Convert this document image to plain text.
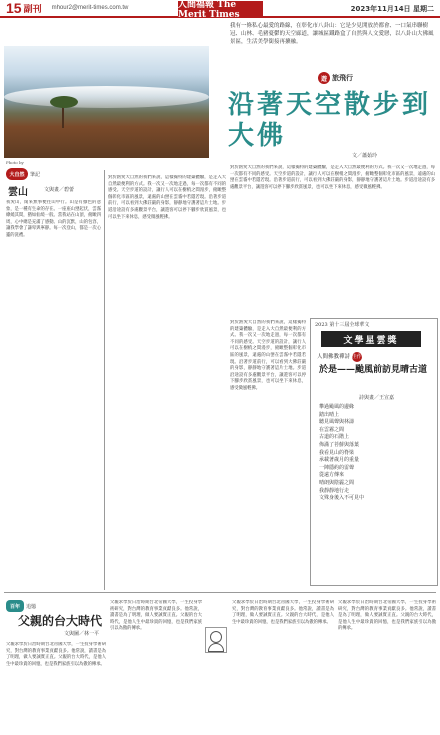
15 副刊 mhour2@merit-times.com.tw	人間福報 The Merit Times
2023年11月14日 星期二
我有一條私心最愛的路線，在彰化市八卦山：它是少見開放於都會、一口氣串聯樹冠、山林、毛豬憂鬱的天空廊道，讓城區鐵路盒了自然與人文愛戀，以八卦山大佛風景區，生活美學銜接再擴融。
Photo by
遊 旅飛行
沿著天空散步到大佛
文／蕭茹玲
對於熱愛大自然的我們來說，這樣獨特的建築體驗，是走入大自然最便利的方式。我一次又一次地走過，每一次都有不同的感受。天空步道的設計，讓行人可以在樹梢之間漫步，俯瞰整個彰化市區的風景，遠處的山巒在雲霧中若隱若現。沿著步道前行，可以看到大佛莊嚴的身影，靜靜地守護著這片土地。步道沿途設有多處觀景平台，讓遊客可以停下腳步欣賞風景，也可以坐下來休息，感受微風輕拂。
對於熱愛大自然的我們來說，這樣獨特的建築體驗，是走入大自然最便利的方式。我一次又一次地走過，每一次都有不同的感受。天空步道的設計，讓行人可以在樹梢之間漫步，俯瞰整個彰化市區的風景，遠處的山巒在雲霧中若隱若現。沿著步道前行，可以看到大佛莊嚴的身影，靜靜地守護著這片土地。步道沿途設有多處觀景平台，讓遊客可以停下腳步欣賞風景，也可以坐下來休息，感受微風輕拂。
對於熱愛大自然的我們來說，這樣獨特的建築體驗，是走入大自然最便利的方式。我一次又一次地走過，每一次都有不同的感受。天空步道的設計，讓行人可以在樹梢之間漫步，俯瞰整個彰化市區的風景，遠處的山巒在雲霧中若隱若現。沿著步道前行，可以看到大佛莊嚴的身影，靜靜地守護著這片土地。步道沿途設有多處觀景平台，讓遊客可以停下腳步欣賞風景，也可以坐下來休息，感受微風輕拂。
大自然	筆記
雲山	文與畫／碧蕾
我愛山，閑來無事便往山中行。山是有綠色的意象，是一種有生命的存在。一座座山巒起伏，雲霧繚繞其間，猶如仙境一般。當我站在山頂，俯瞰四周，心中總是充滿了感動。山的沉默，山的包容，讓我學會了謙卑與寧靜。每一次登山，都是一次心靈的洗禮。
2023 第十三屆全球華文
文學星雲獎
人間佛教禪詩 佳作
於是——颱風前訪見晴古道
詩與畫／王宣嘉
攀過颱風的邊緣
踏出晴上
聽見風聲與林濤
在雲霧之間
古道的石階上
佈滿了苔蘚與落葉
我看見山的脊梁
承載著歲月的重量
一陣隱約的雷聲
從遠方傳來
晴朗與陰霾之間
我靜靜地行走
文殊身後入不可見中
百年	追憶
父親的台大時代
文與圖／林一平
父親求學於日治時期台北帝國大學，一生投身學術研究，對台灣的教育事業貢獻良多。他常說，讀書是為了明理，做人要誠實正直。父親的台大時代，是他人生中最珍貴的回憶，也是我們家族引以為傲的傳承。
父親求學於日治時期台北帝國大學，一生投身學術研究，對台灣的教育事業貢獻良多。他常說，讀書是為了明理，做人要誠實正直。父親的台大時代，是他人生中最珍貴的回憶，也是我們家族引以為傲的傳承。
父親求學於日治時期台北帝國大學，一生投身學術研究，對台灣的教育事業貢獻良多。他常說，讀書是為了明理，做人要誠實正直。父親的台大時代，是他人生中最珍貴的回憶，也是我們家族引以為傲的傳承。
父親求學於日治時期台北帝國大學，一生投身學術研究，對台灣的教育事業貢獻良多。他常說，讀書是為了明理，做人要誠實正直。父親的台大時代，是他人生中最珍貴的回憶，也是我們家族引以為傲的傳承。
